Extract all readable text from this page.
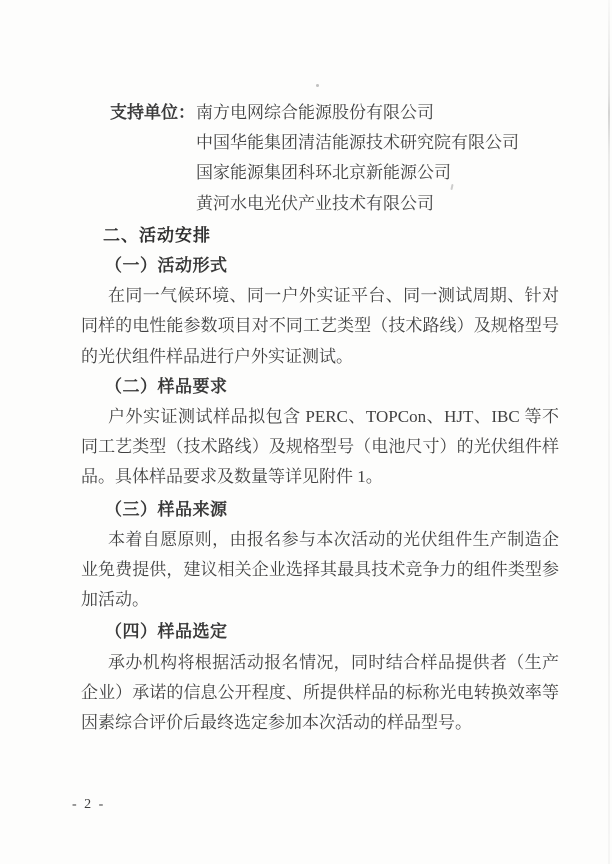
支持单位： 南方电网综合能源股份有限公司
中国华能集团清洁能源技术研究院有限公司
国家能源集团科环北京新能源公司
黄河水电光伏产业技术有限公司
二、活动安排
（一）活动形式

在同一气候环境、同一户外实证平台、同一测试周期、针对同样的电性能参数项目对不同工艺类型（技术路线）及规格型号的光伏组件样品进行户外实证测试。

（二）样品要求

户外实证测试样品拟包含 PERC、TOPCon、HJT、IBC 等不同工艺类型（技术路线）及规格型号（电池尺寸）的光伏组件样品。具体样品要求及数量等详见附件 1。

（三）样品来源

本着自愿原则，由报名参与本次活动的光伏组件生产制造企业免费提供，建议相关企业选择其最具技术竞争力的组件类型参加活动。

（四）样品选定

承办机构将根据活动报名情况，同时结合样品提供者（生产企业）承诺的信息公开程度、所提供样品的标称光电转换效率等因素综合评价后最终选定参加本次活动的样品型号。

- 2 -
